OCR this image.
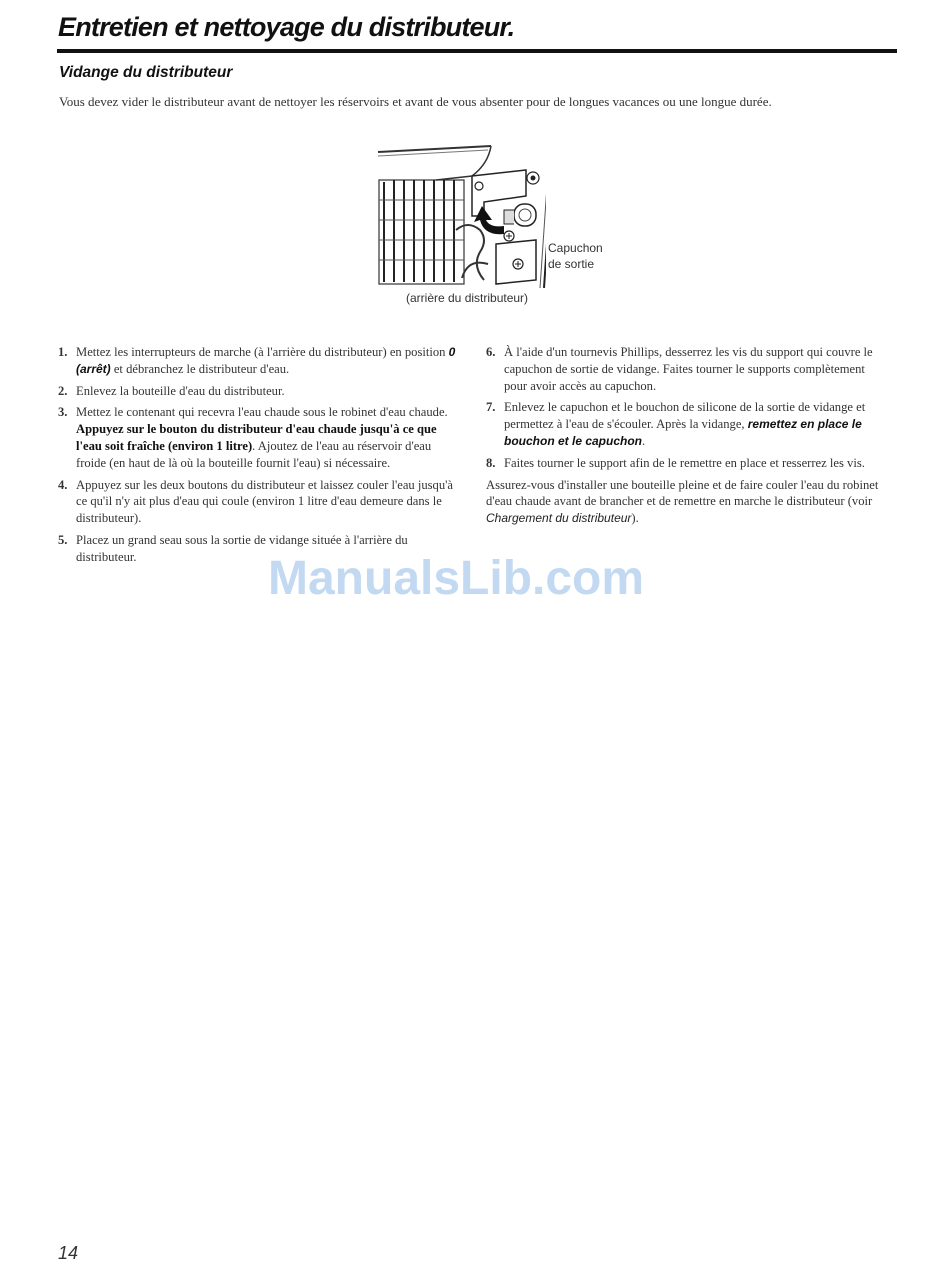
Entretien et nettoyage du distributeur.
Vidange du distributeur

Vous devez vider le distributeur avant de nettoyer les réservoirs et avant de vous absenter pour de longues vacances ou une longue durée.

Capuchon
de sortie
(arrière du distributeur)
1. Mettez les interrupteurs de marche (à l'arrière du distributeur) en position 0 (arrêt) et débranchez le distributeur d'eau.
2. Enlevez la bouteille d'eau du distributeur.
3. Mettez le contenant qui recevra l'eau chaude sous le robinet d'eau chaude. Appuyez sur le bouton du distributeur d'eau chaude jusqu'à ce que l'eau soit fraîche (environ 1 litre). Ajoutez de l'eau au réservoir d'eau froide (en haut de là où la bouteille fournit l'eau) si nécessaire.
4. Appuyez sur les deux boutons du distributeur et laissez couler l'eau jusqu'à ce qu'il n'y ait plus d'eau qui coule (environ 1 litre d'eau demeure dans le distributeur).
5. Placez un grand seau sous la sortie de vidange située à l'arrière du distributeur.
6. À l'aide d'un tournevis Phillips, desserrez les vis du support qui couvre le capuchon de sortie de vidange. Faites tourner le supports complètement pour avoir accès au capuchon.
7. Enlevez le capuchon et le bouchon de silicone de la sortie de vidange et permettez à l'eau de s'écouler. Après la vidange, remettez en place le bouchon et le capuchon.
8. Faites tourner le support afin de le remettre en place et resserrez les vis.
Assurez-vous d'installer une bouteille pleine et de faire couler l'eau du robinet d'eau chaude avant de brancher et de remettre en marche le distributeur (voir Chargement du distributeur).
ManualsLib.com
14
